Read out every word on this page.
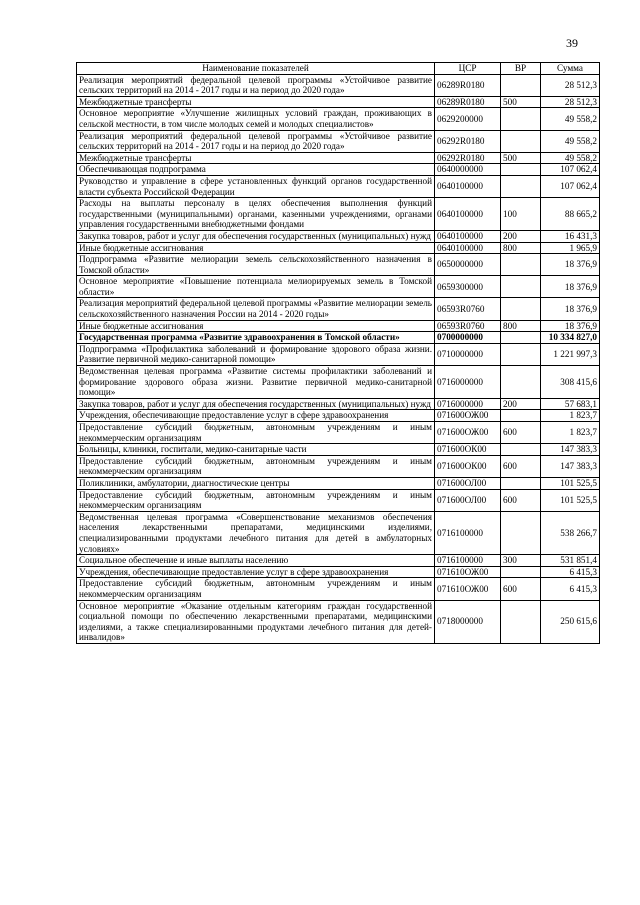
39
Наименование показателей	ЦСР	ВР	Сумма
Реализация мероприятий федеральной целевой программы «Устойчивое развитие сельских территорий на 2014 - 2017 годы и на период до 2020 года»	06289R0180		28 512,3
Межбюджетные трансферты	06289R0180	500	28 512,3
Основное мероприятие «Улучшение жилищных условий граждан, проживающих в сельской местности, в том числе молодых семей и молодых специалистов»	0629200000		49 558,2
Реализация мероприятий федеральной целевой программы «Устойчивое развитие сельских территорий на 2014 - 2017 годы и на период до 2020 года»	06292R0180		49 558,2
Межбюджетные трансферты	06292R0180	500	49 558,2
Обеспечивающая подпрограмма	0640000000		107 062,4
Руководство и управление в сфере установленных функций органов государственной власти субъекта Российской Федерации	0640100000		107 062,4
Расходы на выплаты персоналу в целях обеспечения выполнения функций государственными (муниципальными) органами, казенными учреждениями, органами управления государственными внебюджетными фондами	0640100000	100	88 665,2
Закупка товаров, работ и услуг для обеспечения государственных (муниципальных) нужд	0640100000	200	16 431,3
Иные бюджетные ассигнования	0640100000	800	1 965,9
Подпрограмма «Развитие мелиорации земель сельскохозяйственного назначения в Томской области»	0650000000		18 376,9
Основное мероприятие «Повышение потенциала мелиорируемых земель в Томской области»	0659300000		18 376,9
Реализация мероприятий федеральной целевой программы «Развитие мелиорации земель сельскохозяйственного назначения России на 2014 - 2020 годы»	06593R0760		18 376,9
Иные бюджетные ассигнования	06593R0760	800	18 376,9
Государственная программа «Развитие здравоохранения в Томской области»	0700000000		10 334 827,0
Подпрограмма «Профилактика заболеваний и формирование здорового образа жизни. Развитие первичной медико-санитарной помощи»	0710000000		1 221 997,3
Ведомственная целевая программа «Развитие системы профилактики заболеваний и формирование здорового образа жизни. Развитие первичной медико-санитарной помощи»	0716000000		308 415,6
Закупка товаров, работ и услуг для обеспечения государственных (муниципальных) нужд	0716000000	200	57 683,1
Учреждения, обеспечивающие предоставление услуг в сфере здравоохранения	071600ОЖ00		1 823,7
Предоставление субсидий бюджетным, автономным учреждениям и иным некоммерческим организациям	071600ОЖ00	600	1 823,7
Больницы, клиники, госпитали, медико-санитарные части	071600ОК00		147 383,3
Предоставление субсидий бюджетным, автономным учреждениям и иным некоммерческим организациям	071600ОК00	600	147 383,3
Поликлиники, амбулатории, диагностические центры	071600ОЛ00		101 525,5
Предоставление субсидий бюджетным, автономным учреждениям и иным некоммерческим организациям	071600ОЛ00	600	101 525,5
Ведомственная целевая программа «Совершенствование механизмов обеспечения населения лекарственными препаратами, медицинскими изделиями, специализированными продуктами лечебного питания для детей в амбулаторных условиях»	0716100000		538 266,7
Социальное обеспечение и иные выплаты населению	0716100000	300	531 851,4
Учреждения, обеспечивающие предоставление услуг в сфере здравоохранения	071610ОЖ00		6 415,3
Предоставление субсидий бюджетным, автономным учреждениям и иным некоммерческим организациям	071610ОЖ00	600	6 415,3
Основное мероприятие «Оказание отдельным категориям граждан государственной социальной помощи по обеспечению лекарственными препаратами, медицинскими изделиями, а также специализированными продуктами лечебного питания для детей-инвалидов»	0718000000		250 615,6
